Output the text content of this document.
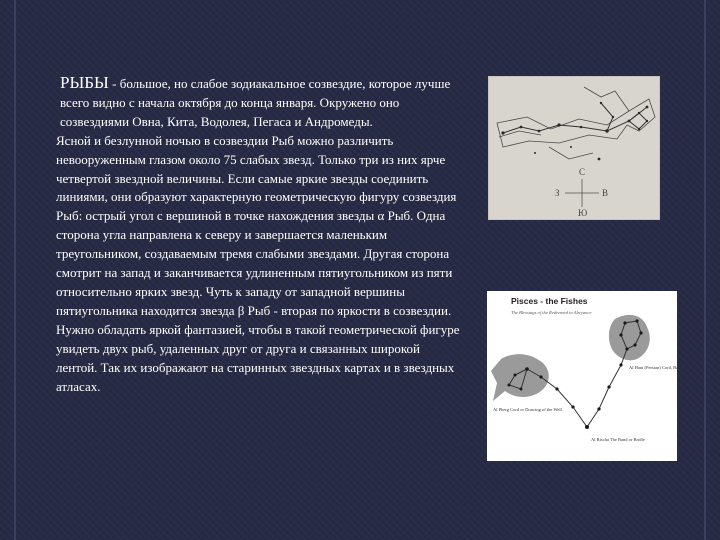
РЫБЫ - большое, но слабое зодиакальное созвездие, которое лучше всего видно с начала октября до конца января. Окружено оно созвездиями Овна, Кита, Водолея, Пегаса и Андромеды.

Ясной и безлунной ночью в созвездии Рыб можно различить невооруженным глазом около 75 слабых звезд. Только три из них ярче четвертой звездной величины. Если самые яркие звезды соединить линиями, они образуют характерную геометрическую фигуру созвездия Рыб: острый угол с вершиной в точке нахождения звезды α Рыб. Одна сторона угла направлена к северу и завершается маленьким треугольником, создаваемым тремя слабыми звездами. Другая сторона смотрит на запад и заканчивается удлиненным пятиугольником из пяти относительно ярких звезд. Чуть к западу от западной вершины пятиугольника находится звезда β Рыб - вторая по яркости в созвездии. Нужно обладать яркой фантазией, чтобы в такой геометрической фигуре увидеть двух рыб, удаленных друг от друга и связанных широкой лентой. Так их изображают на старинных звездных картах и в звездных атласах.

С
Ю
З	В
Pisces - the Fishes
The Blessings of the Redeemed in Abeyance
Al Haut (Persian) Cord, Band
Al Pherg Cord or Drawing of the Well
Al Rischa The Band or Bridle
